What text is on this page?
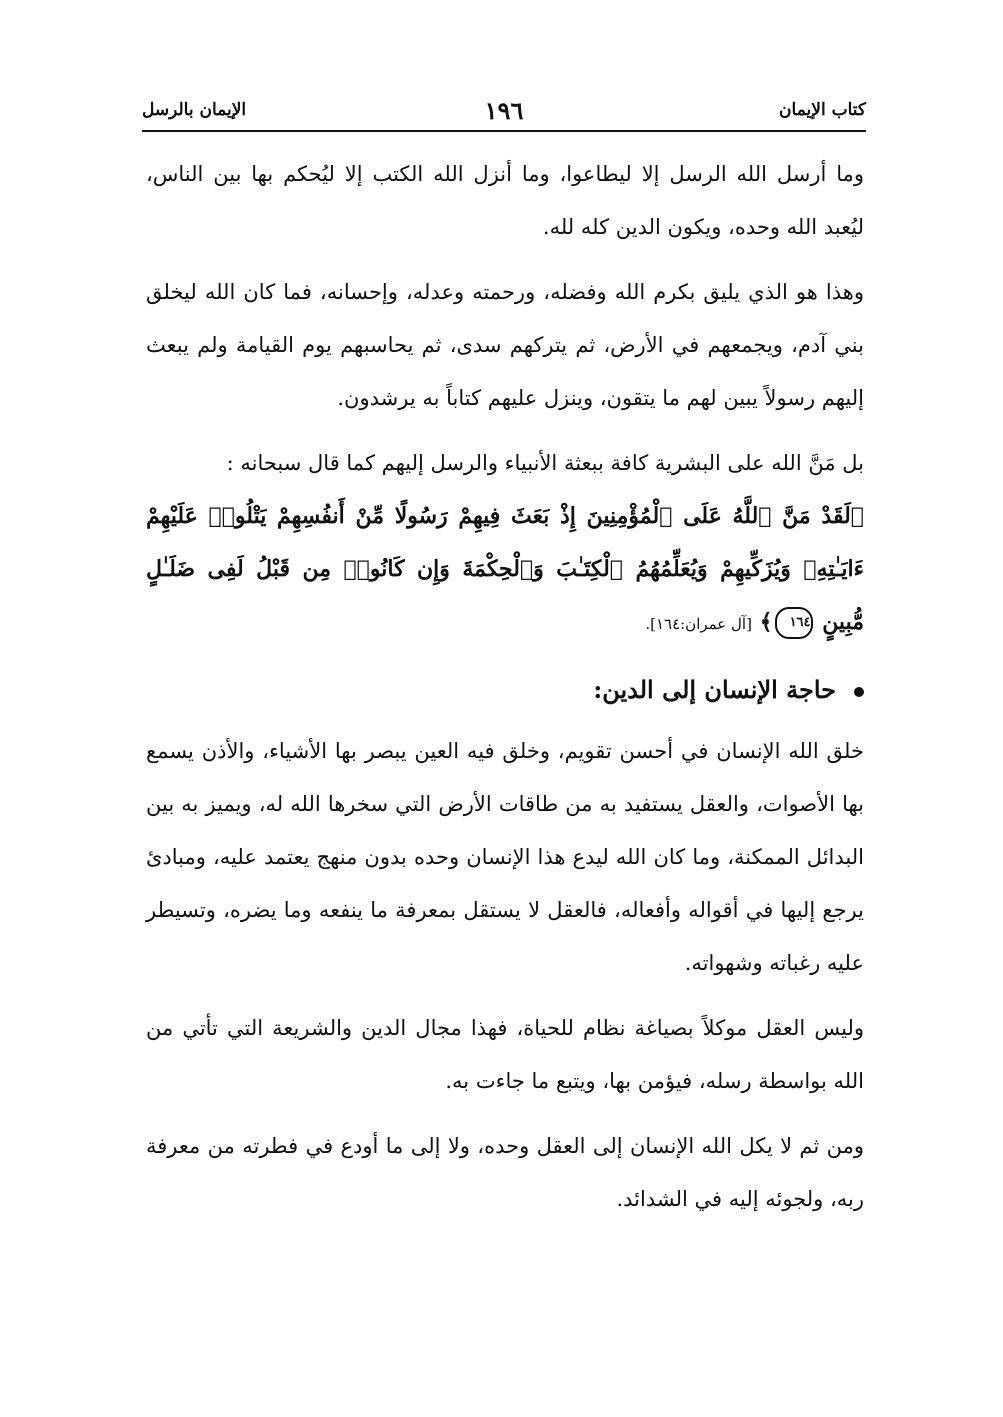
كتاب الإيمان
١٩٦
الإيمان بالرسل

وما أرسل الله الرسل إلا ليطاعوا، وما أنزل الله الكتب إلا ليُحكم بها بين الناس، ليُعبد الله وحده، ويكون الدين كله لله.

وهذا هو الذي يليق بكرم الله وفضله، ورحمته وعدله، وإحسانه، فما كان الله ليخلق بني آدم، ويجمعهم في الأرض، ثم يتركهم سدى، ثم يحاسبهم يوم القيامة ولم يبعث إليهم رسولاً يبين لهم ما يتقون، وينزل عليهم كتاباً به يرشدون.

بل مَنَّ الله على البشرية كافة ببعثة الأنبياء والرسل إليهم كما قال سبحانه :

﴿لَقَدْ مَنَّ ٱللَّهُ عَلَى ٱلْمُؤْمِنِينَ إِذْ بَعَثَ فِيهِمْ رَسُولًا مِّنْ أَنفُسِهِمْ يَتْلُوا۟ عَلَيْهِمْ ءَايَـٰتِهِۦ وَيُزَكِّيهِمْ وَيُعَلِّمُهُمُ ٱلْكِتَـٰبَ وَٱلْحِكْمَةَ وَإِن كَانُوا۟ مِن قَبْلُ لَفِى ضَلَـٰلٍ مُّبِينٍ ١٦٤﴾ [آل عمران:١٦٤].

حاجة الإنسان إلى الدين:

خلق الله الإنسان في أحسن تقويم، وخلق فيه العين يبصر بها الأشياء، والأذن يسمع بها الأصوات، والعقل يستفيد به من طاقات الأرض التي سخرها الله له، ويميز به بين البدائل الممكنة، وما كان الله ليدع هذا الإنسان وحده بدون منهج يعتمد عليه، ومبادئ يرجع إليها في أقواله وأفعاله، فالعقل لا يستقل بمعرفة ما ينفعه وما يضره، وتسيطر عليه رغباته وشهواته.

وليس العقل موكلاً بصياغة نظام للحياة، فهذا مجال الدين والشريعة التي تأتي من الله بواسطة رسله، فيؤمن بها، ويتبع ما جاءت به.

ومن ثم لا يكل الله الإنسان إلى العقل وحده، ولا إلى ما أودع في فطرته من معرفة ربه، ولجوئه إليه في الشدائد.
